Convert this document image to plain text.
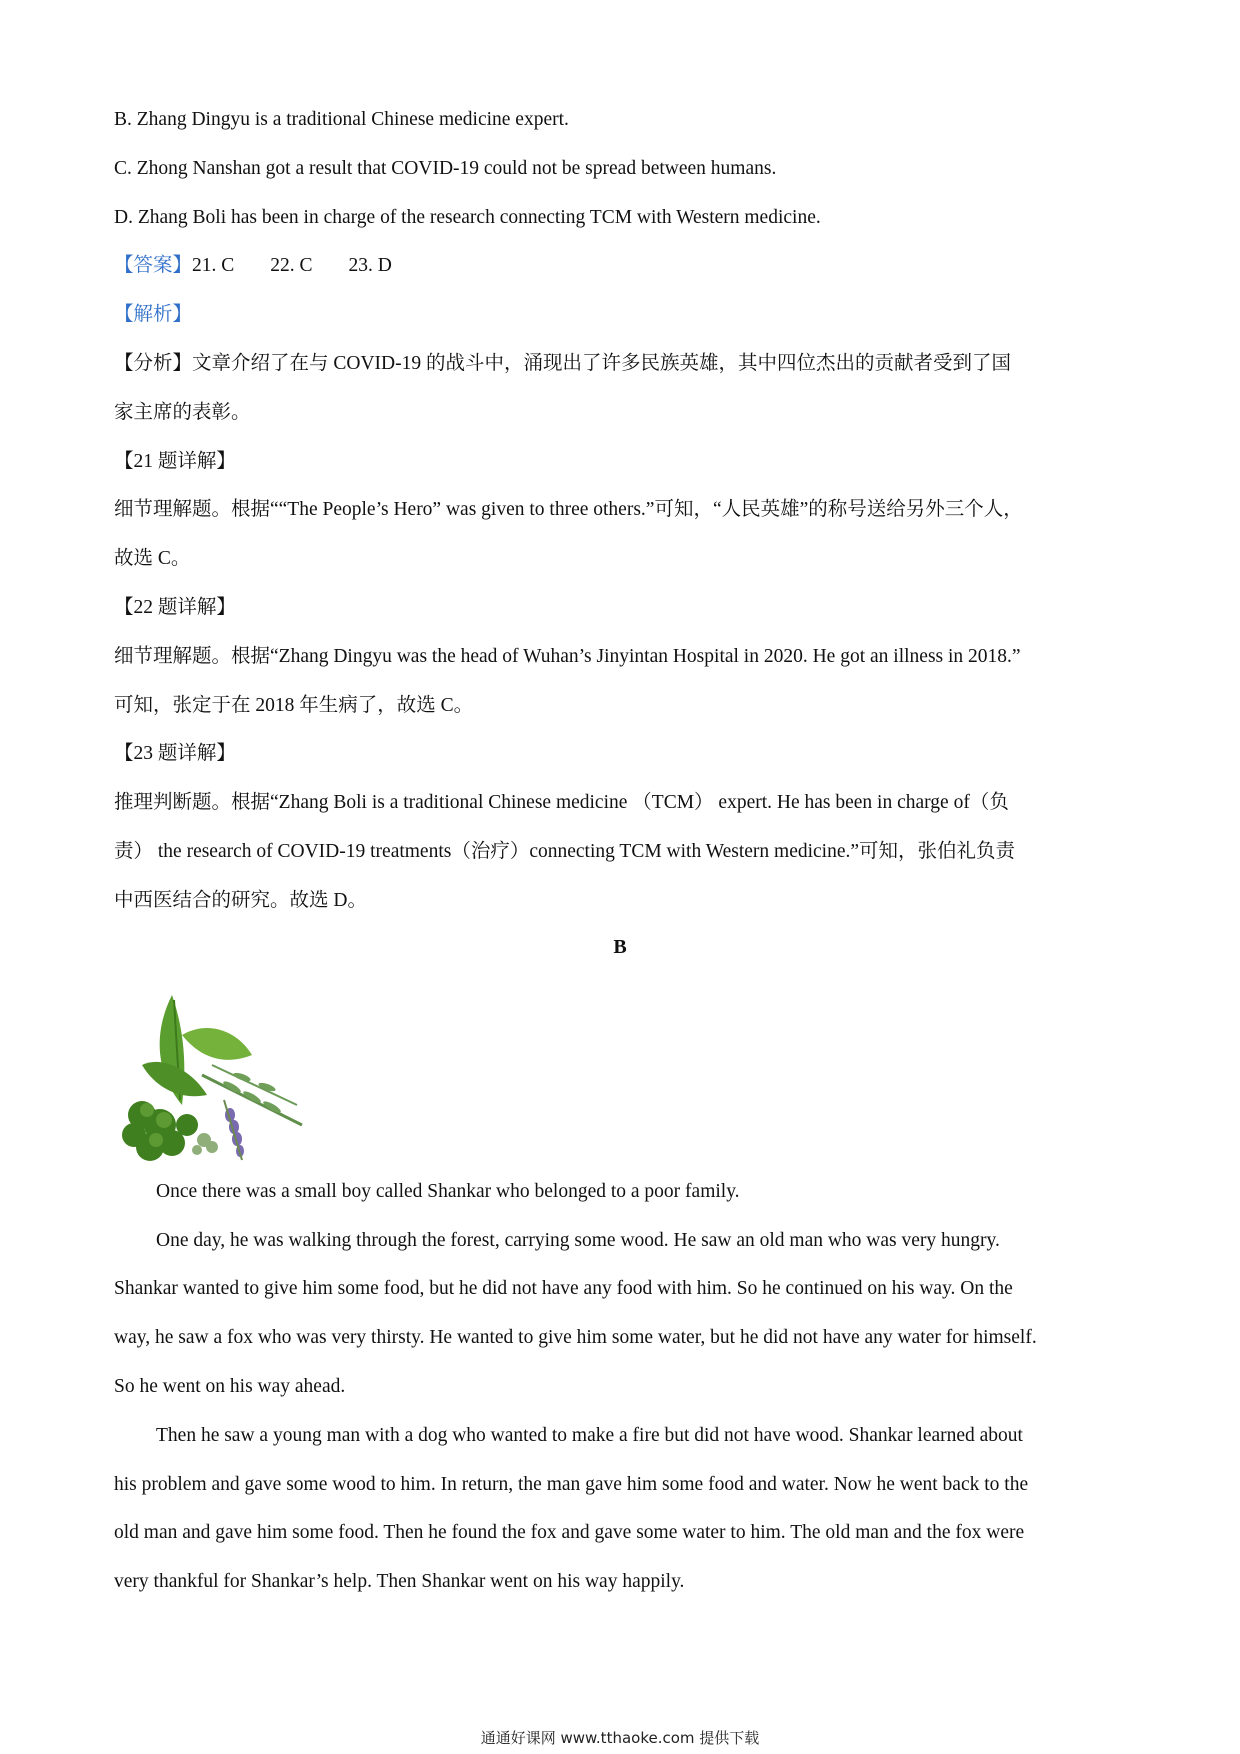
B. Zhang Dingyu is a traditional Chinese medicine expert.
C. Zhong Nanshan got a result that COVID-19 could not be spread between humans.
D. Zhang Boli has been in charge of the research connecting TCM with Western medicine.
【答案】21. C 22. C 23. D
【解析】
【分析】文章介绍了在与 COVID-19 的战斗中，涌现出了许多民族英雄，其中四位杰出的贡献者受到了国
家主席的表彰。
【21 题详解】
细节理解题。根据““The People’s Hero” was given to three others.”可知，“人民英雄”的称号送给另外三个人，
故选 C。
【22 题详解】
细节理解题。根据“Zhang Dingyu was the head of Wuhan’s Jinyintan Hospital in 2020. He got an illness in 2018.”
可知，张定于在 2018 年生病了，故选 C。
【23 题详解】
推理判断题。根据“Zhang Boli is a traditional Chinese medicine （TCM） expert. He has been in charge of（负
责） the research of COVID-19 treatments（治疗）connecting TCM with Western medicine.”可知，张伯礼负责
中西医结合的研究。故选 D。
B
Once there was a small boy called Shankar who belonged to a poor family.
One day, he was walking through the forest, carrying some wood. He saw an old man who was very hungry.
Shankar wanted to give him some food, but he did not have any food with him. So he continued on his way. On the
way, he saw a fox who was very thirsty. He wanted to give him some water, but he did not have any water for himself.
So he went on his way ahead.
Then he saw a young man with a dog who wanted to make a fire but did not have wood. Shankar learned about
his problem and gave some wood to him. In return, the man gave him some food and water. Now he went back to the
old man and gave him some food. Then he found the fox and gave some water to him. The old man and the fox were
very thankful for Shankar’s help. Then Shankar went on his way happily.
通通好课网 www.tthaoke.com 提供下载
